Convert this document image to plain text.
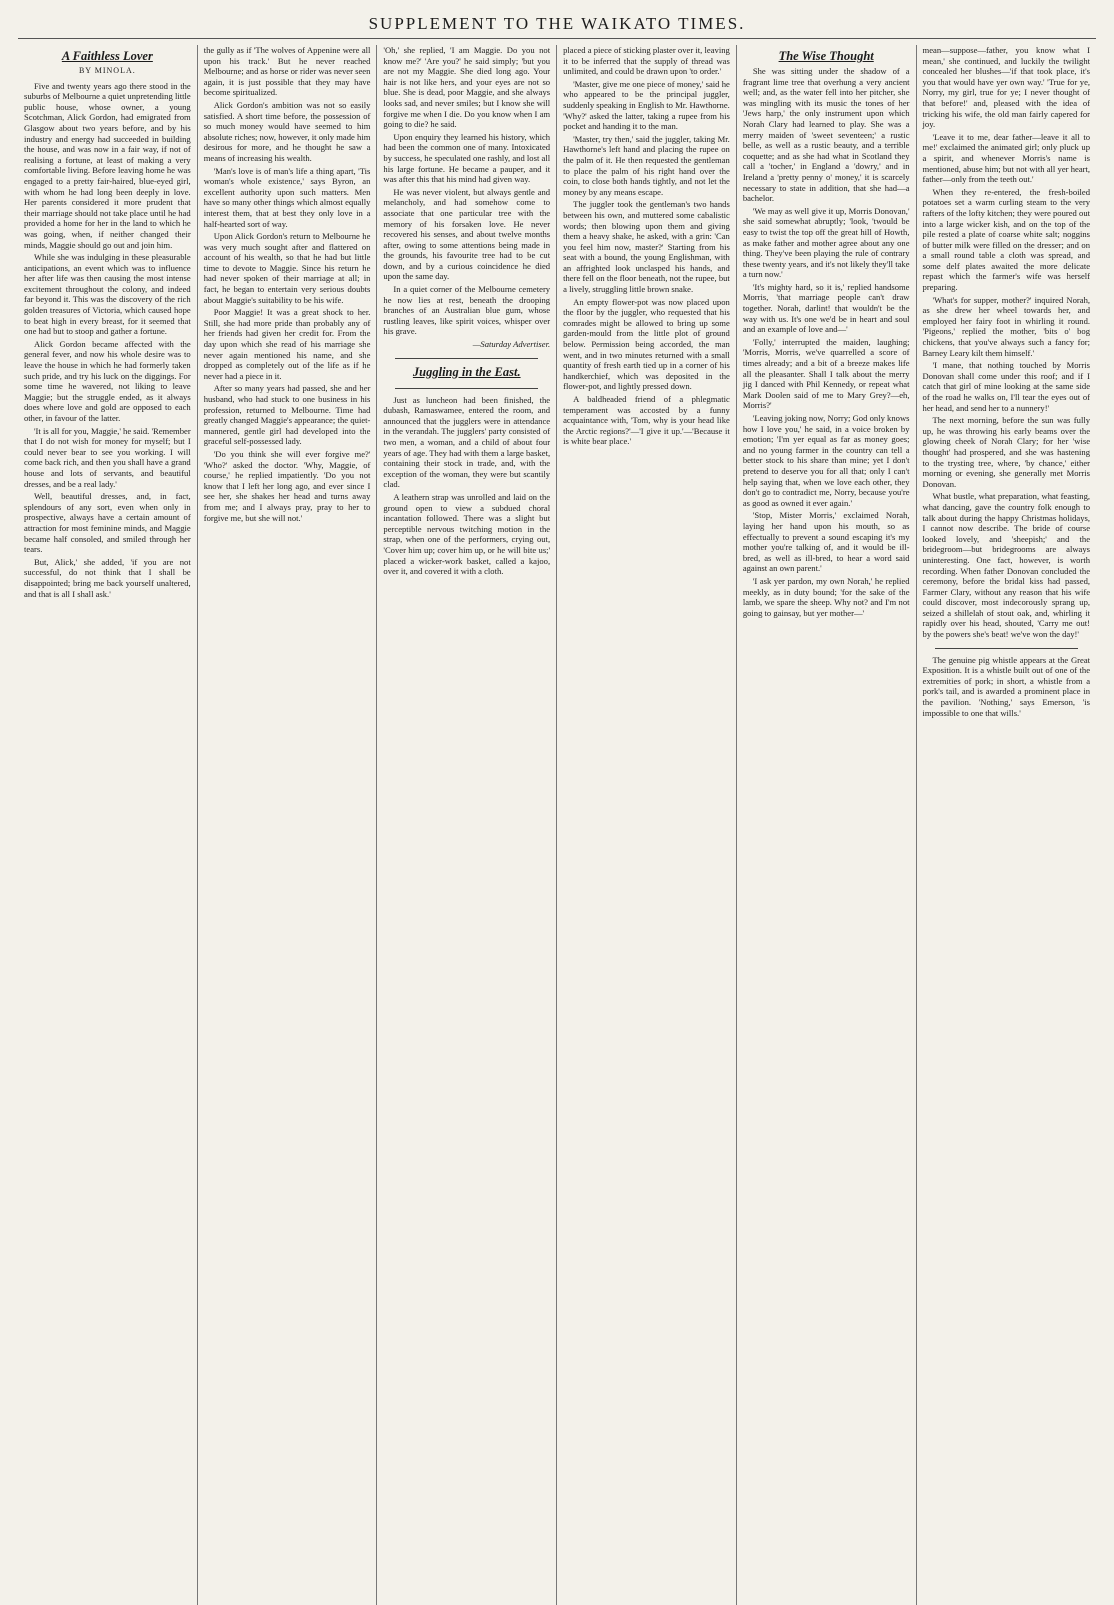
SUPPLEMENT TO THE WAIKATO TIMES.
A Faithless Lover
BY MINOLA.

Five and twenty years ago there stood in the suburbs of Melbourne a quiet unpretending little public house, whose owner, a young Scotchman, Alick Gordon, had emigrated from Glasgow about two years before, and by his industry and energy had succeeded in building the house, and was now in a fair way, if not of realising a fortune, at least of making a very comfortable living. Before leaving home he was engaged to a pretty fair-haired, blue-eyed girl, with whom he had long been deeply in love. Her parents considered it more prudent that their marriage should not take place until he had provided a home for her in the land to which he was going, when, if neither changed their minds, Maggie should go out and join him.

While she was indulging in these pleasurable anticipations, an event which was to influence her after life was then causing the most intense excitement throughout the colony, and indeed far beyond it. This was the discovery of the rich golden treasures of Victoria, which caused hope to beat high in every breast, for it seemed that one had but to stoop and gather a fortune.

Alick Gordon became affected with the general fever, and now his whole desire was to leave the house in which he had formerly taken such pride, and try his luck on the diggings. For some time he wavered, not liking to leave Maggie; but the struggle ended, as it always does where love and gold are opposed to each other, in favour of the latter.

'It is all for you, Maggie,' he said. 'Remember that I do not wish for money for myself; but I could never bear to see you working. I will come back rich, and then you shall have a grand house and lots of servants, and beautiful dresses, and be a real lady.'

Well, beautiful dresses, and, in fact, splendours of any sort, even when only in prospective, always have a certain amount of attraction for most feminine minds, and Maggie became half consoled, and smiled through her tears.

But, Alick,' she added, 'if you are not successful, do not think that I shall be disappointed; bring me back yourself unaltered, and that is all I shall ask.'

the gully as if 'The wolves of Appenine were all upon his track.' But he never reached Melbourne; and as horse or rider was never seen again, it is just possible that they may have become spiritualized.

Alick Gordon's ambition was not so easily satisfied. A short time before, the possession of so much money would have seemed to him absolute riches; now, however, it only made him desirous for more, and he thought he saw a means of increasing his wealth.

'Man's love is of man's life a thing apart, 'Tis woman's whole existence,' says Byron, an excellent authority upon such matters. Men have so many other things which almost equally interest them, that at best they only love in a half-hearted sort of way.

Upon Alick Gordon's return to Melbourne he was very much sought after and flattered on account of his wealth, so that he had but little time to devote to Maggie. Since his return he had never spoken of their marriage at all; in fact, he began to entertain very serious doubts about Maggie's suitability to be his wife.

Poor Maggie! It was a great shock to her. Still, she had more pride than probably any of her friends had given her credit for. From the day upon which she read of his marriage she never again mentioned his name, and she dropped as completely out of the life as if he never had a piece in it.

After so many years had passed, she and her husband, who had stuck to one business in his profession, returned to Melbourne. Time had greatly changed Maggie's appearance; the quiet-mannered, gentle girl had developed into the graceful self-possessed lady.

'Do you think she will ever forgive me?' 'Who?' asked the doctor. 'Why, Maggie, of course,' he replied impatiently. 'Do you not know that I left her long ago, and ever since I see her, she shakes her head and turns away from me; and I always pray, pray to her to forgive me, but she will not.'

'Oh,' she replied, 'I am Maggie. Do you not know me?' 'Are you?' he said simply; 'but you are not my Maggie. She died long ago. Your hair is not like hers, and your eyes are not so blue. She is dead, poor Maggie, and she always looks sad, and never smiles; but I know she will forgive me when I die. Do you know when I am going to die? he said.

Upon enquiry they learned his history, which had been the common one of many. Intoxicated by success, he speculated one rashly, and lost all his large fortune. He became a pauper, and it was after this that his mind had given way.

He was never violent, but always gentle and melancholy, and had somehow come to associate that one particular tree with the memory of his forsaken love. He never recovered his senses, and about twelve months after, owing to some attentions being made in the grounds, his favourite tree had to be cut down, and by a curious coincidence he died upon the same day.

In a quiet corner of the Melbourne cemetery he now lies at rest, beneath the drooping branches of an Australian blue gum, whose rustling leaves, like spirit voices, whisper over his grave.

—Saturday Advertiser.

Juggling in the East.

Just as luncheon had been finished, the dubash, Ramaswamee, entered the room, and announced that the jugglers were in attendance in the verandah. The jugglers' party consisted of two men, a woman, and a child of about four years of age. They had with them a large basket, containing their stock in trade, and, with the exception of the woman, they were but scantily clad.

A leathern strap was unrolled and laid on the ground open to view a subdued choral incantation followed. There was a slight but perceptible nervous twitching motion in the strap, when one of the performers, crying out, 'Cover him up; cover him up, or he will bite us;' placed a wicker-work basket, called a kajoo, over it, and covered it with a cloth.

placed a piece of sticking plaster over it, leaving it to be inferred that the supply of thread was unlimited, and could be drawn upon 'to order.'

'Master, give me one piece of money,' said he who appeared to be the principal juggler, suddenly speaking in English to Mr. Hawthorne. 'Why?' asked the latter, taking a rupee from his pocket and handing it to the man.

'Master, try then,' said the juggler, taking Mr. Hawthorne's left hand and placing the rupee on the palm of it. He then requested the gentleman to place the palm of his right hand over the coin, to close both hands tightly, and not let the money by any means escape.

The juggler took the gentleman's two hands between his own, and muttered some cabalistic words; then blowing upon them and giving them a heavy shake, he asked, with a grin: 'Can you feel him now, master?' Starting from his seat with a bound, the young Englishman, with an affrighted look unclasped his hands, and there fell on the floor beneath, not the rupee, but a lively, struggling little brown snake.

An empty flower-pot was now placed upon the floor by the juggler, who requested that his comrades might be allowed to bring up some garden-mould from the little plot of ground below. Permission being accorded, the man went, and in two minutes returned with a small quantity of fresh earth tied up in a corner of his handkerchief, which was deposited in the flower-pot, and lightly pressed down.

A baldheaded friend of a phlegmatic temperament was accosted by a funny acquaintance with, 'Tom, why is your head like the Arctic regions?'—'I give it up.'—'Because it is white bear place.'

The Wise Thought

She was sitting under the shadow of a fragrant lime tree that overhung a very ancient well; and, as the water fell into her pitcher, she was mingling with its music the tones of her 'Jews harp,' the only instrument upon which Norah Clary had learned to play. She was a merry maiden of 'sweet seventeen;' a rustic belle, as well as a rustic beauty, and a terrible coquette; and as she had what in Scotland they call a 'tocher,' in England a 'dowry,' and in Ireland a 'pretty penny o' money,' it is scarcely necessary to state in addition, that she had—a bachelor.

'We may as well give it up, Morris Donovan,' she said somewhat abruptly; 'look, 'twould be easy to twist the top off the great hill of Howth, as make father and mother agree about any one thing. They've been playing the rule of contrary these twenty years, and it's not likely they'll take a turn now.'

'It's mighty hard, so it is,' replied handsome Morris, 'that marriage people can't draw together. Norah, darlint! that wouldn't be the way with us. It's one we'd be in heart and soul and an example of love and—'

'Folly,' interrupted the maiden, laughing; 'Morris, Morris, we've quarrelled a score of times already; and a bit of a breeze makes life all the pleasanter. Shall I talk about the merry jig I danced with Phil Kennedy, or repeat what Mark Doolen said of me to Mary Grey?—eh, Morris?'

'Leaving joking now, Norry; God only knows how I love you,' he said, in a voice broken by emotion; 'I'm yer equal as far as money goes; and no young farmer in the country can tell a better stock to his share than mine; yet I don't pretend to deserve you for all that; only I can't help saying that, when we love each other, they don't go to contradict me, Norry, because you're as good as owned it ever again.'

'Stop, Mister Morris,' exclaimed Norah, laying her hand upon his mouth, so as effectually to prevent a sound escaping it's my mother you're talking of, and it would be ill-bred, as well as ill-bred, to hear a word said against an own parent.'

'I ask yer pardon, my own Norah,' he replied meekly, as in duty bound; 'for the sake of the lamb, we spare the sheep. Why not? and I'm not going to gainsay, but yer mother—'

mean—suppose—father, you know what I mean,' she continued, and luckily the twilight concealed her blushes—'if that took place, it's you that would have yer own way.' 'True for ye, Norry, my girl, true for ye; I never thought of that before!' and, pleased with the idea of tricking his wife, the old man fairly capered for joy.

'Leave it to me, dear father—leave it all to me!' exclaimed the animated girl; only pluck up a spirit, and whenever Morris's name is mentioned, abuse him; but not with all yer heart, father—only from the teeth out.'

When they re-entered, the fresh-boiled potatoes set a warm curling steam to the very rafters of the lofty kitchen; they were poured out into a large wicker kish, and on the top of the pile rested a plate of coarse white salt; noggins of butter milk were filled on the dresser; and on a small round table a cloth was spread, and some delf plates awaited the more delicate repast which the farmer's wife was herself preparing.

'What's for supper, mother?' inquired Norah, as she drew her wheel towards her, and employed her fairy foot in whirling it round. 'Pigeons,' replied the mother, 'bits o' bog chickens, that you've always such a fancy for; Barney Leary kilt them himself.'

'I mane, that nothing touched by Morris Donovan shall come under this roof; and if I catch that girl of mine looking at the same side of the road he walks on, I'll tear the eyes out of her head, and send her to a nunnery!'

The next morning, before the sun was fully up, he was throwing his early beams over the glowing cheek of Norah Clary; for her 'wise thought' had prospered, and she was hastening to the trysting tree, where, 'by chance,' either morning or evening, she generally met Morris Donovan.

What bustle, what preparation, what feasting, what dancing, gave the country folk enough to talk about during the happy Christmas holidays, I cannot now describe. The bride of course looked lovely, and 'sheepish;' and the bridegroom—but bridegrooms are always uninteresting. One fact, however, is worth recording. When father Donovan concluded the ceremony, before the bridal kiss had passed, Farmer Clary, without any reason that his wife could discover, most indecorously sprang up, seized a shillelah of stout oak, and, whirling it rapidly over his head, shouted, 'Carry me out! by the powers she's beat! we've won the day!'

The genuine pig whistle appears at the Great Exposition. It is a whistle built out of one of the extremities of pork; in short, a whistle from a pork's tail, and is awarded a prominent place in the pavilion. 'Nothing,' says Emerson, 'is impossible to one that wills.'
